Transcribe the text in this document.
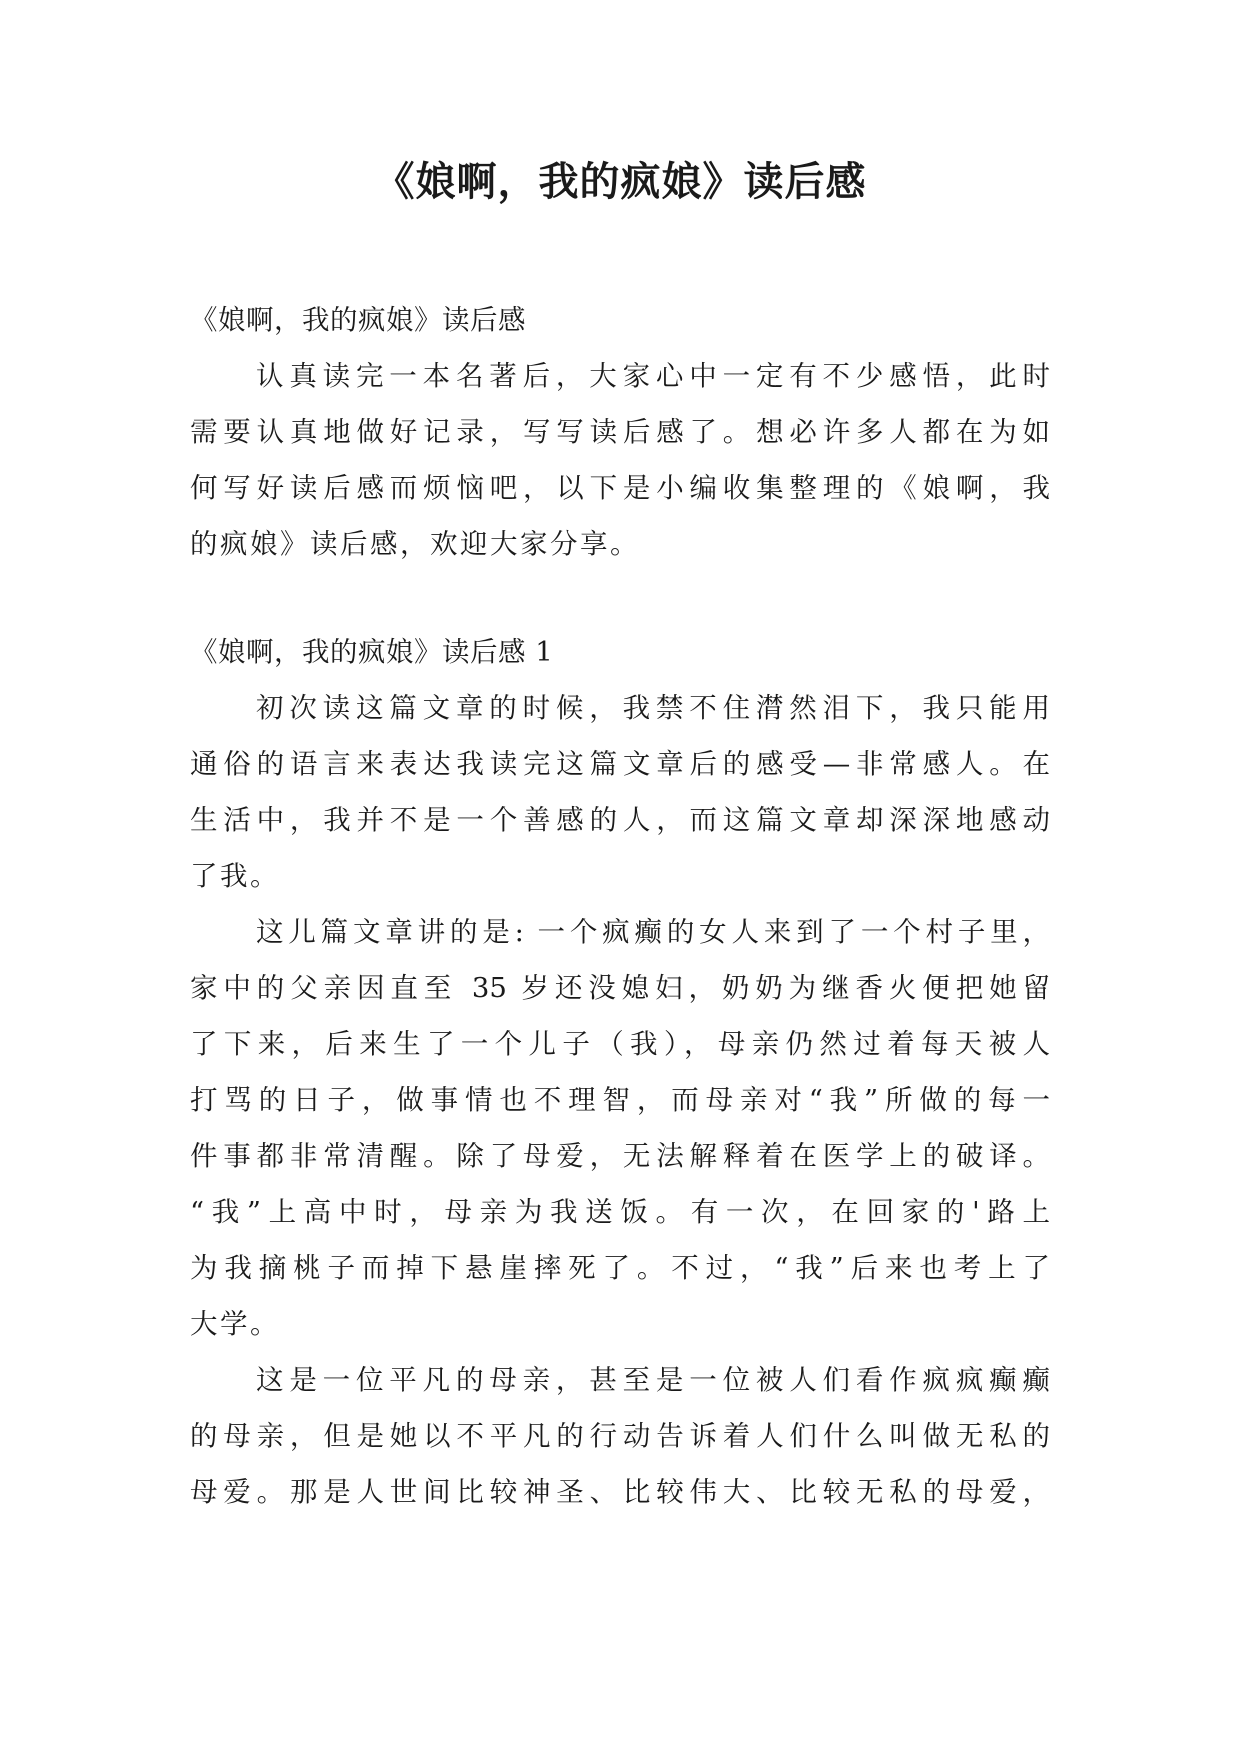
《娘啊，我的疯娘》读后感
《娘啊，我的疯娘》读后感
认真读完一本名著后，大家心中一定有不少感悟，此时
需要认真地做好记录，写写读后感了。想必许多人都在为如
何写好读后感而烦恼吧，以下是小编收集整理的《娘啊，我
的疯娘》读后感，欢迎大家分享。
《娘啊，我的疯娘》读后感 1
初次读这篇文章的时候，我禁不住潸然泪下，我只能用
通俗的语言来表达我读完这篇文章后的感受—非常感人。在
生活中，我并不是一个善感的人，而这篇文章却深深地感动
了我。
这儿篇文章讲的是: 一个疯癫的女人来到了一个村子里，
家中的父亲因直至 35 岁还没媳妇，奶奶为继香火便把她留
了下来，后来生了一个儿子（我），母亲仍然过着每天被人
打骂的日子，做事情也不理智，而母亲对“我”所做的每一
件事都非常清醒。除了母爱，无法解释着在医学上的破译。
“我”上高中时，母亲为我送饭。有一次，在回家的'路上
为我摘桃子而掉下悬崖摔死了。不过，“我”后来也考上了
大学。
这是一位平凡的母亲，甚至是一位被人们看作疯疯癫癫
的母亲，但是她以不平凡的行动告诉着人们什么叫做无私的
母爱。那是人世间比较神圣、比较伟大、比较无私的母爱，
